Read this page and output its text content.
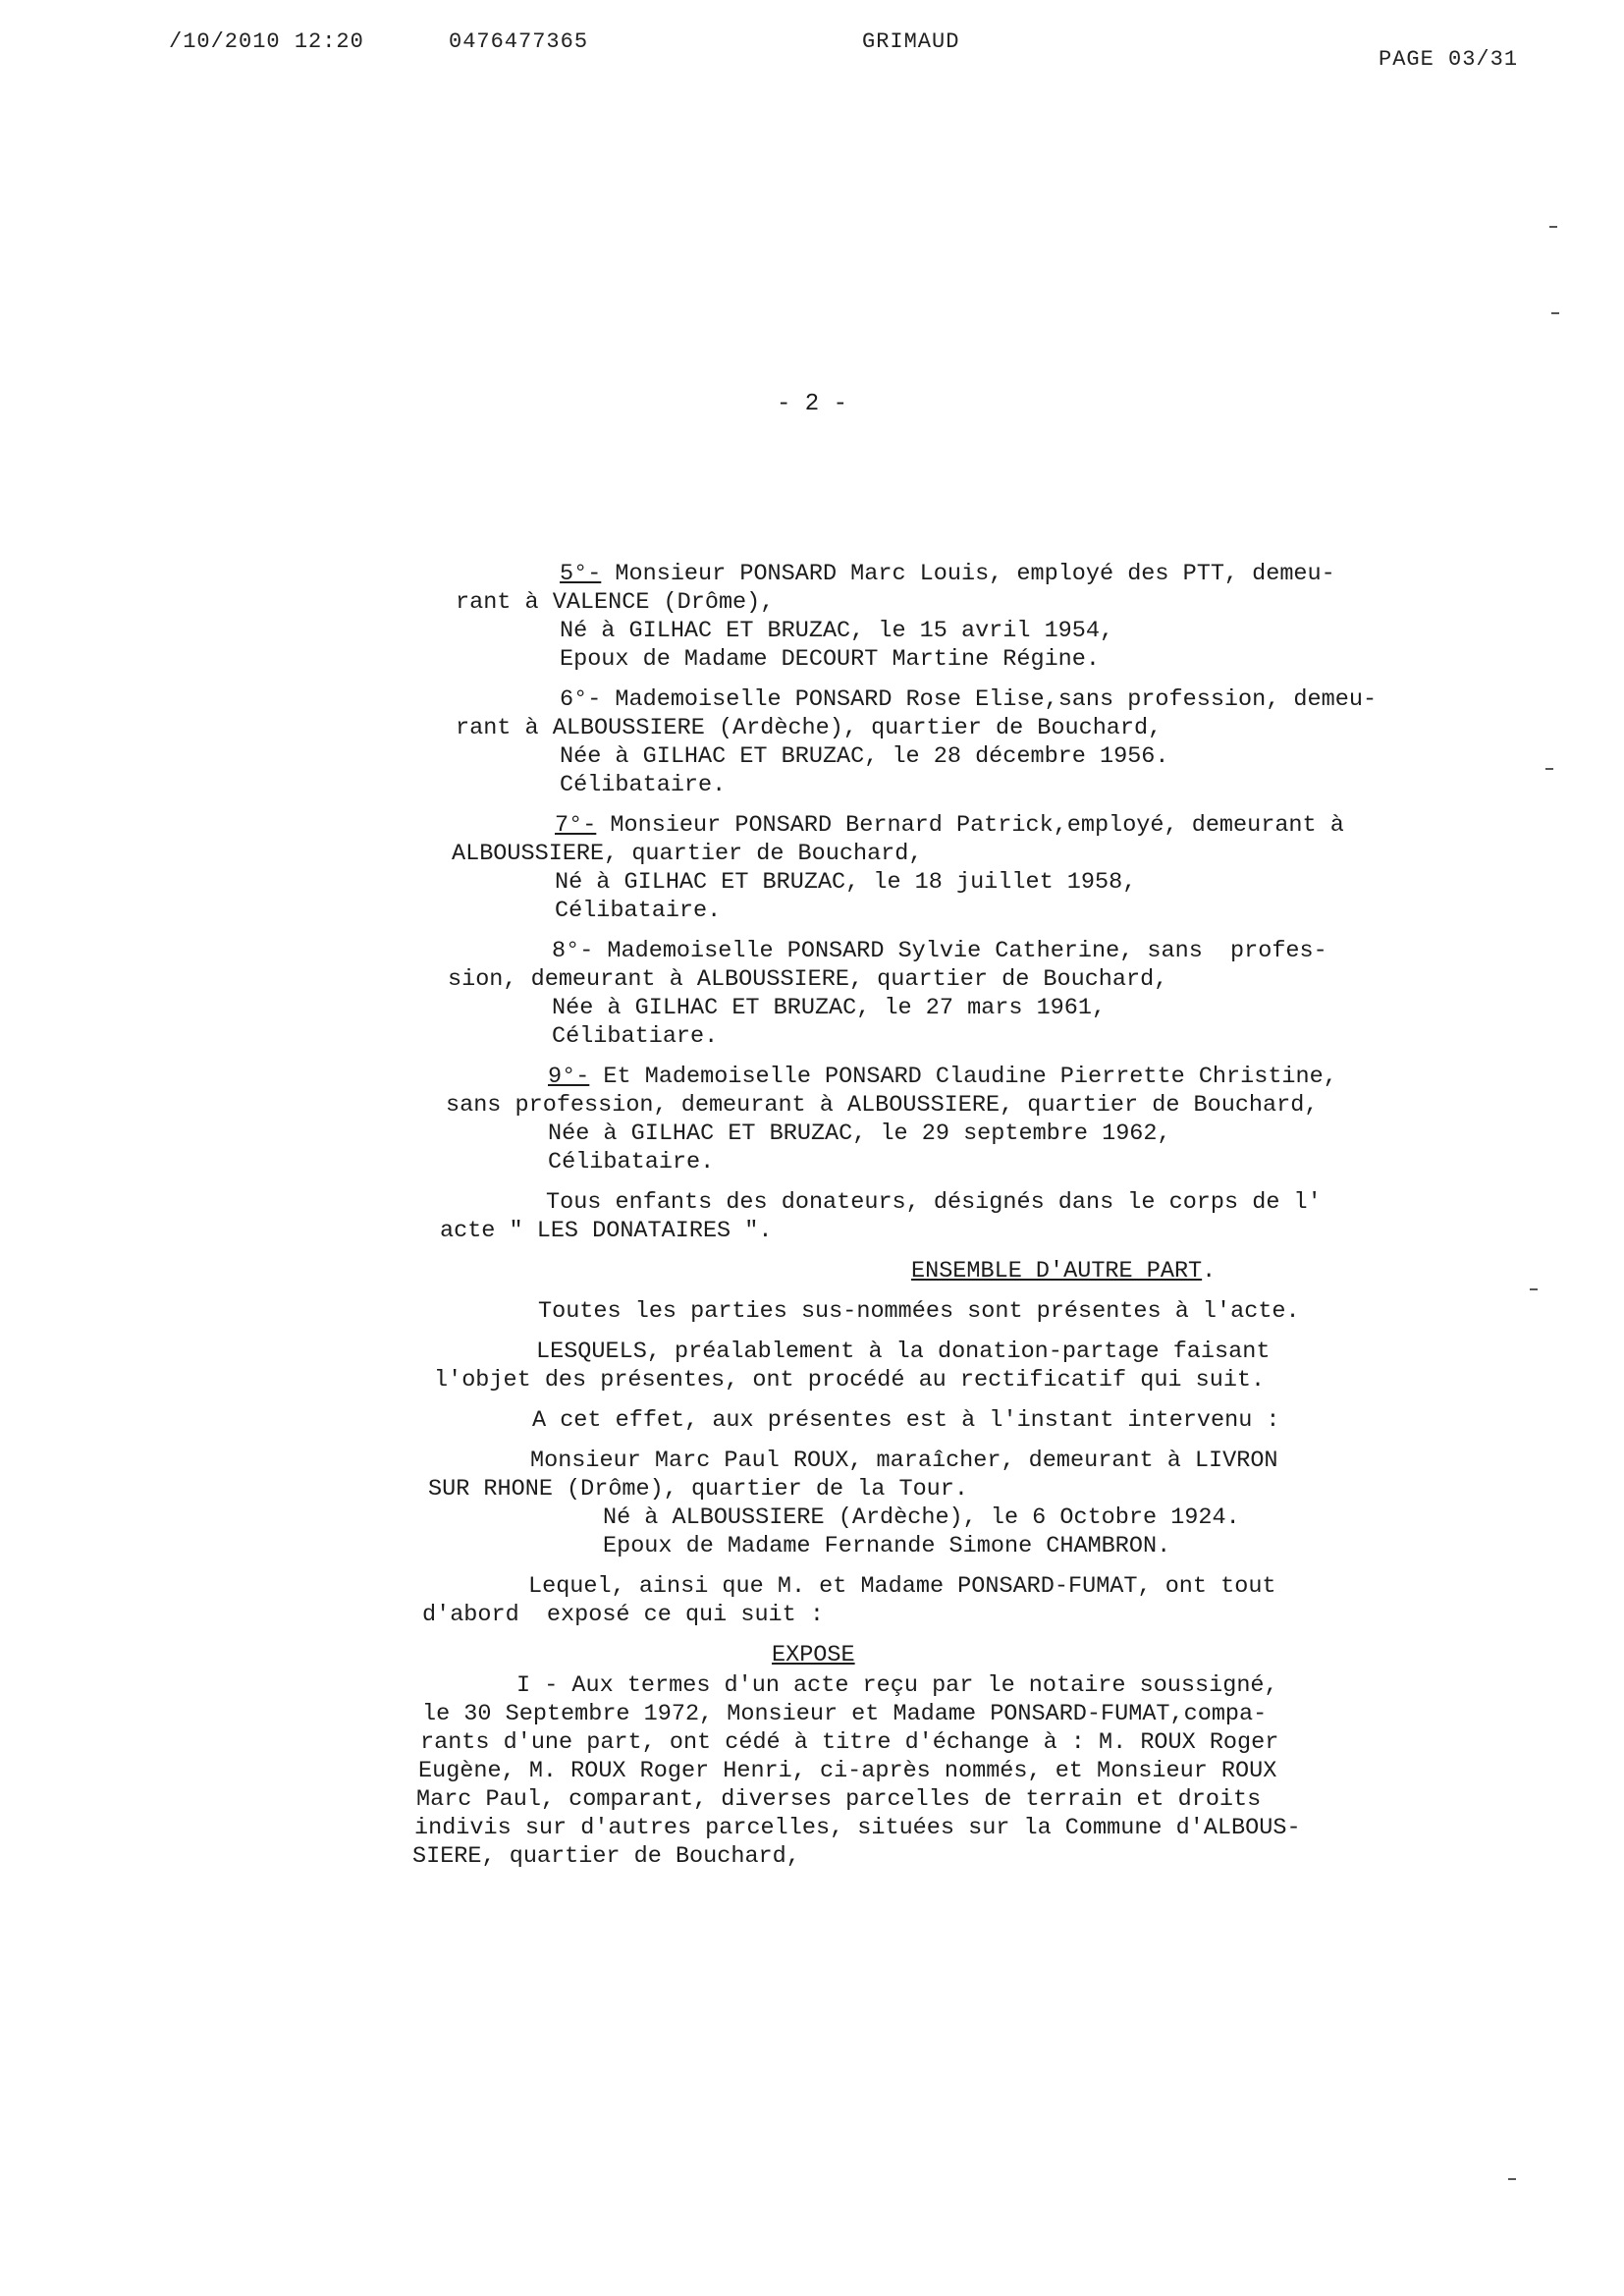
/10/2010 12:20	0476477365	GRIMAUD
PAGE 03/31
- 2 -
5°- Monsieur PONSARD Marc Louis, employé des PTT, demeu-
rant à VALENCE (Drôme),
Né à GILHAC ET BRUZAC, le 15 avril 1954,
Epoux de Madame DECOURT Martine Régine.
6°- Mademoiselle PONSARD Rose Elise,sans profession, demeu-
rant à ALBOUSSIERE (Ardèche), quartier de Bouchard,
Née à GILHAC ET BRUZAC, le 28 décembre 1956.
Célibataire.
7°- Monsieur PONSARD Bernard Patrick,employé, demeurant à
ALBOUSSIERE, quartier de Bouchard,
Né à GILHAC ET BRUZAC, le 18 juillet 1958,
Célibataire.
8°- Mademoiselle PONSARD Sylvie Catherine, sans  profes-
sion, demeurant à ALBOUSSIERE, quartier de Bouchard,
Née à GILHAC ET BRUZAC, le 27 mars 1961,
Célibatiare.
9°- Et Mademoiselle PONSARD Claudine Pierrette Christine,
sans profession, demeurant à ALBOUSSIERE, quartier de Bouchard,
Née à GILHAC ET BRUZAC, le 29 septembre 1962,
Célibataire.
Tous enfants des donateurs, désignés dans le corps de l'
acte " LES DONATAIRES ".
ENSEMBLE D'AUTRE PART.
Toutes les parties sus-nommées sont présentes à l'acte.
LESQUELS, préalablement à la donation-partage faisant
l'objet des présentes, ont procédé au rectificatif qui suit.
A cet effet, aux présentes est à l'instant intervenu :
Monsieur Marc Paul ROUX, maraîcher, demeurant à LIVRON
SUR RHONE (Drôme), quartier de la Tour.
Né à ALBOUSSIERE (Ardèche), le 6 Octobre 1924.
Epoux de Madame Fernande Simone CHAMBRON.
Lequel, ainsi que M. et Madame PONSARD-FUMAT, ont tout
d'abord  exposé ce qui suit :
EXPOSE
I - Aux termes d'un acte reçu par le notaire soussigné,
le 30 Septembre 1972, Monsieur et Madame PONSARD-FUMAT,compa-
rants d'une part, ont cédé à titre d'échange à : M. ROUX Roger
Eugène, M. ROUX Roger Henri, ci-après nommés, et Monsieur ROUX
Marc Paul, comparant, diverses parcelles de terrain et droits
indivis sur d'autres parcelles, situées sur la Commune d'ALBOUS-
SIERE, quartier de Bouchard,
